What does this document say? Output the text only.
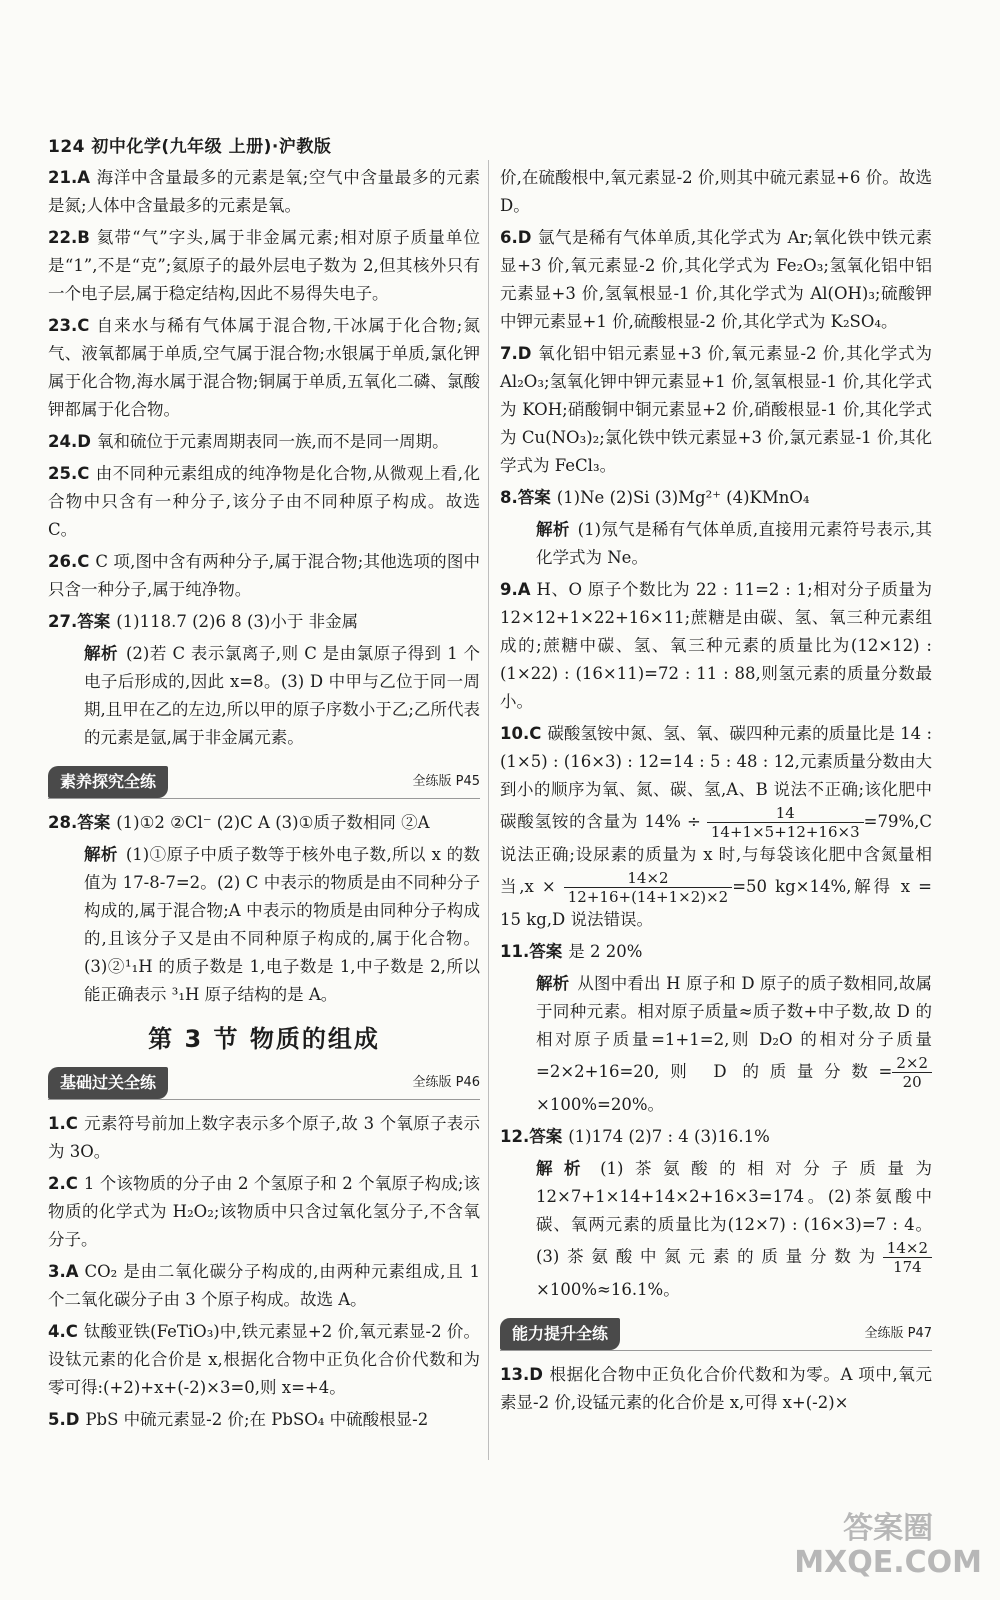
124 初中化学(九年级 上册)·沪教版

21.A 海洋中含量最多的元素是氧;空气中含量最多的元素是氮;人体中含量最多的元素是氧。

22.B 氦带“气”字头,属于非金属元素;相对原子质量单位是“1”,不是“克”;氦原子的最外层电子数为 2,但其核外只有一个电子层,属于稳定结构,因此不易得失电子。

23.C 自来水与稀有气体属于混合物,干冰属于化合物;氮气、液氧都属于单质,空气属于混合物;水银属于单质,氯化钾属于化合物,海水属于混合物;铜属于单质,五氧化二磷、氯酸钾都属于化合物。

24.D 氧和硫位于元素周期表同一族,而不是同一周期。

25.C 由不同种元素组成的纯净物是化合物,从微观上看,化合物中只含有一种分子,该分子由不同种原子构成。故选 C。

26.C C 项,图中含有两种分子,属于混合物;其他选项的图中只含一种分子,属于纯净物。

27.答案 (1)118.7 (2)6 8 (3)小于 非金属

解析 (2)若 C 表示氯离子,则 C 是由氯原子得到 1 个电子后形成的,因此 x=8。(3) D 中甲与乙位于同一周期,且甲在乙的左边,所以甲的原子序数小于乙;乙所代表的元素是氩,属于非金属元素。

素养探究全练	全练版 P45

28.答案 (1)①2 ②Cl⁻ (2)C A (3)①质子数相同 ②A

解析 (1)①原子中质子数等于核外电子数,所以 x 的数值为 17-8-7=2。(2) C 中表示的物质是由不同种分子构成的,属于混合物;A 中表示的物质是由同种分子构成的,且该分子又是由不同种原子构成的,属于化合物。(3)②¹₁H 的质子数是 1,电子数是 1,中子数是 2,所以能正确表示 ³₁H 原子结构的是 A。

第 3 节 物质的组成
基础过关全练	全练版 P46

1.C 元素符号前加上数字表示多个原子,故 3 个氧原子表示为 3O。

2.C 1 个该物质的分子由 2 个氢原子和 2 个氧原子构成;该物质的化学式为 H₂O₂;该物质中只含过氧化氢分子,不含氧分子。

3.A CO₂ 是由二氧化碳分子构成的,由两种元素组成,且 1 个二氧化碳分子由 3 个原子构成。故选 A。

4.C 钛酸亚铁(FeTiO₃)中,铁元素显+2 价,氧元素显-2 价。设钛元素的化合价是 x,根据化合物中正负化合价代数和为零可得:(+2)+x+(-2)×3=0,则 x=+4。

5.D PbS 中硫元素显-2 价;在 PbSO₄ 中硫酸根显-2

价,在硫酸根中,氧元素显-2 价,则其中硫元素显+6 价。故选 D。

6.D 氩气是稀有气体单质,其化学式为 Ar;氧化铁中铁元素显+3 价,氧元素显-2 价,其化学式为 Fe₂O₃;氢氧化铝中铝元素显+3 价,氢氧根显-1 价,其化学式为 Al(OH)₃;硫酸钾中钾元素显+1 价,硫酸根显-2 价,其化学式为 K₂SO₄。

7.D 氧化铝中铝元素显+3 价,氧元素显-2 价,其化学式为 Al₂O₃;氢氧化钾中钾元素显+1 价,氢氧根显-1 价,其化学式为 KOH;硝酸铜中铜元素显+2 价,硝酸根显-1 价,其化学式为 Cu(NO₃)₂;氯化铁中铁元素显+3 价,氯元素显-1 价,其化学式为 FeCl₃。

8.答案 (1)Ne (2)Si (3)Mg²⁺ (4)KMnO₄

解析 (1)氖气是稀有气体单质,直接用元素符号表示,其化学式为 Ne。

9.A H、O 原子个数比为 22 : 11=2 : 1;相对分子质量为 12×12+1×22+16×11;蔗糖是由碳、氢、氧三种元素组成的;蔗糖中碳、氢、氧三种元素的质量比为(12×12) : (1×22) : (16×11)=72 : 11 : 88,则氢元素的质量分数最小。

10.C 碳酸氢铵中氮、氢、氧、碳四种元素的质量比是 14 : (1×5) : (16×3) : 12=14 : 5 : 48 : 12,元素质量分数由大到小的顺序为氧、氮、碳、氢,A、B 说法不正确;该化肥中碳酸氢铵的含量为 $14\% \div \frac{14}{14+1\times 5+12+16\times 3} =79\%,C$ 说法正确;设尿素的质量为 x 时,与每袋该化肥中含氮量相当$,x \times \frac{14\times 2}{12+16+(14+1\times 2)\times 2} =50$ kg×14%,解得 x = 15 kg,D 说法错误。

11.答案 是 2 20%

解析 从图中看出 H 原子和 D 原子的质子数相同,故属于同种元素。相对原子质量≈质子数+中子数,故 D 的相对原子质量=1+1=2,则 D₂O 的相对分子质量=2×2+16=20,则 D 的质量分数= $\frac{2\times 2}{20}$
×100%=20%。

12.答案 (1)174 (2)7 : 4 (3)16.1%

解析 (1)茶氨酸的相对分子质量为 12×7+1×14+14×2+16×3=174。(2)茶氨酸中碳、氧两元素的质量比为(12×7) : (16×3)=7 : 4。(3)茶氨酸中氮元素的质量分数为 $\frac{14\times 2}{174}$
×100%≈16.1%。

能力提升全练	全练版 P47

13.D 根据化合物中正负化合价代数和为零。A 项中,氧元素显-2 价,设锰元素的化合价是 x,可得 x+(-2)×

答案圈
MXQE.COM
